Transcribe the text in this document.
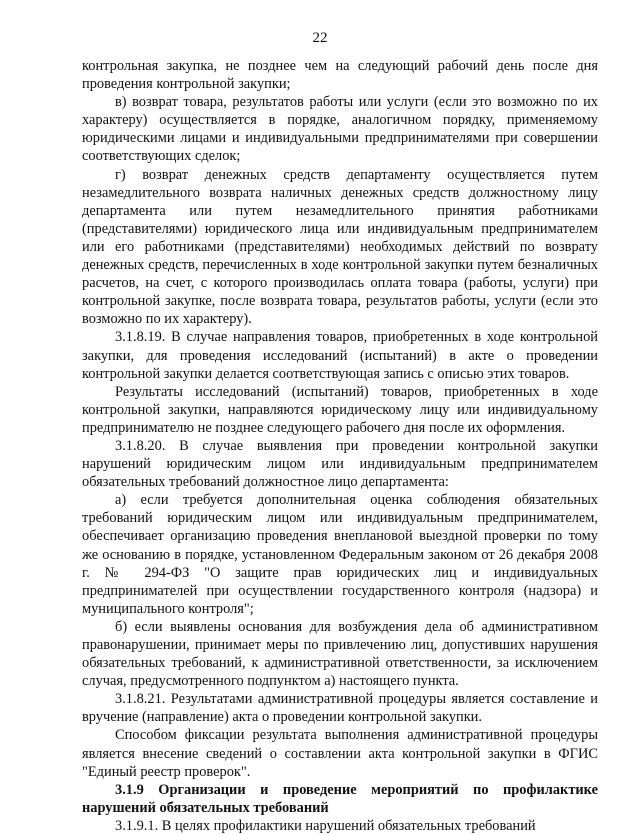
22

контрольная закупка, не позднее чем на следующий рабочий день после дня проведения контрольной закупки;

в) возврат товара, результатов работы или услуги (если это возможно по их характеру) осуществляется в порядке, аналогичном порядку, применяемому юридическими лицами и индивидуальными предпринимателями при совершении соответствующих сделок;

г) возврат денежных средств департаменту осуществляется путем незамедлительного возврата наличных денежных средств должностному лицу департамента или путем незамедлительного принятия работниками (представителями) юридического лица или индивидуальным предпринимателем или его работниками (представителями) необходимых действий по возврату денежных средств, перечисленных в ходе контрольной закупки путем безналичных расчетов, на счет, с которого производилась оплата товара (работы, услуги) при контрольной закупке, после возврата товара, результатов работы, услуги (если это возможно по их характеру).

3.1.8.19. В случае направления товаров, приобретенных в ходе контрольной закупки, для проведения исследований (испытаний) в акте о проведении контрольной закупки делается соответствующая запись с описью этих товаров.

Результаты исследований (испытаний) товаров, приобретенных в ходе контрольной закупки, направляются юридическому лицу или индивидуальному предпринимателю не позднее следующего рабочего дня после их оформления.

3.1.8.20. В случае выявления при проведении контрольной закупки нарушений юридическим лицом или индивидуальным предпринимателем обязательных требований должностное лицо департамента:

а) если требуется дополнительная оценка соблюдения обязательных требований юридическим лицом или индивидуальным предпринимателем, обеспечивает организацию проведения внеплановой выездной проверки по тому же основанию в порядке, установленном Федеральным законом от 26 декабря 2008 г. № 294-ФЗ "О защите прав юридических лиц и индивидуальных предпринимателей при осуществлении государственного контроля (надзора) и муниципального контроля";

б) если выявлены основания для возбуждения дела об административном правонарушении, принимает меры по привлечению лиц, допустивших нарушения обязательных требований, к административной ответственности, за исключением случая, предусмотренного подпунктом а) настоящего пункта.

3.1.8.21. Результатами административной процедуры является составление и вручение (направление) акта о проведении контрольной закупки.

Способом фиксации результата выполнения административной процедуры является внесение сведений о составлении акта контрольной закупки в ФГИС "Единый реестр проверок".

3.1.9 Организации и проведение мероприятий по профилактике нарушений обязательных требований

3.1.9.1. В целях профилактики нарушений обязательных требований
